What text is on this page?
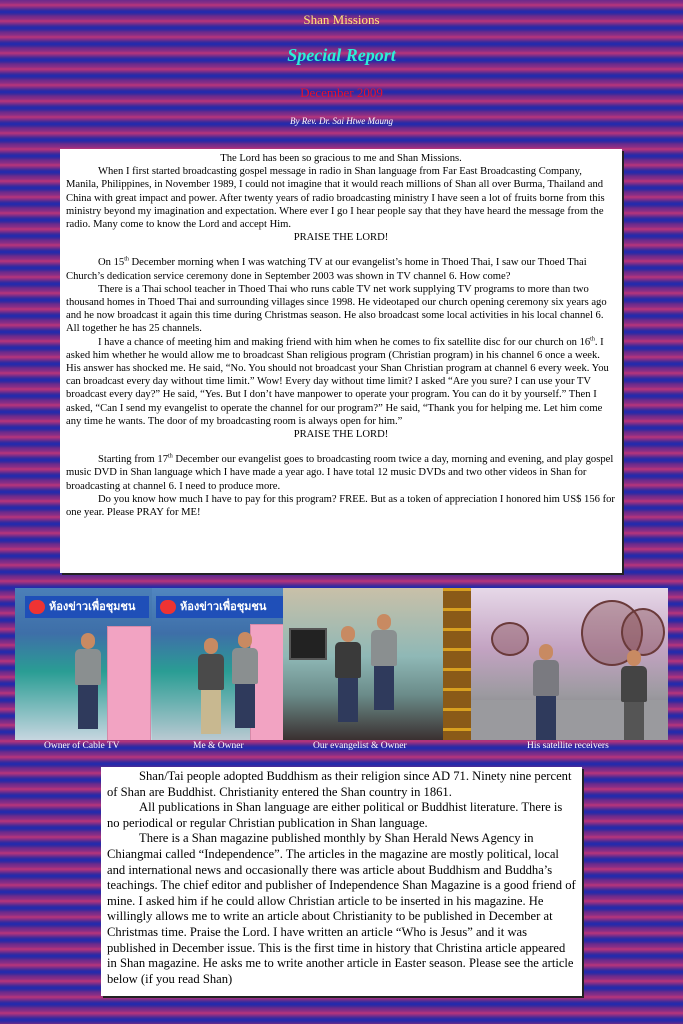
Shan Missions
Special Report
December 2009
By Rev. Dr. Sai Htwe Maung

The Lord has been so gracious to me and Shan Missions.

When I first started broadcasting gospel message in radio in Shan language from Far East Broadcasting Company, Manila, Philippines, in November 1989, I could not imagine that it would reach millions of Shan all over Burma, Thailand and China with great impact and power. After twenty years of radio broadcasting ministry I have seen a lot of fruits borne from this ministry beyond my imagination and expectation. Where ever I go I hear people say that they have heard the message from the radio. Many come to know the Lord and accept Him.

PRAISE THE LORD!

On 15th December morning when I was watching TV at our evangelist’s home in Thoed Thai, I saw our Thoed Thai Church’s dedication service ceremony done in September 2003 was shown in TV channel 6. How come?

There is a Thai school teacher in Thoed Thai who runs cable TV net work supplying TV programs to more than two thousand homes in Thoed Thai and surrounding villages since 1998. He videotaped our church opening ceremony six years ago and he now broadcast it again this time during Christmas season. He also broadcast some local activities in his local channel 6. All together he has 25 channels.

I have a chance of meeting him and making friend with him when he comes to fix satellite disc for our church on 16th. I asked him whether he would allow me to broadcast Shan religious program (Christian program) in his channel 6 once a week. His answer has shocked me. He said, “No. You should not broadcast your Shan Christian program at channel 6 every week. You can broadcast every day without time limit.” Wow! Every day without time limit? I asked “Are you sure? I can use your TV broadcast every day?” He said, “Yes. But I don’t have manpower to operate your program. You can do it by yourself.” Then I asked, “Can I send my evangelist to operate the channel for our program?” He said, “Thank you for helping me. Let him come any time he wants. The door of my broadcasting room is always open for him.”

PRAISE THE LORD!

Starting from 17th December our evangelist goes to broadcasting room twice a day, morning and evening, and play gospel music DVD in Shan language which I have made a year ago. I have total 12 music DVDs and two other videos in Shan for broadcasting at channel 6. I need to produce more.

Do you know how much I have to pay for this program? FREE. But as a token of appreciation I honored him US$ 156 for one year. Please PRAY for ME!

ห้องข่าวเพื่อชุมชน	ห้องข่าวเพื่อชุมชน
Owner of Cable TV	Me & Owner	Our evangelist & Owner	His satellite receivers

Shan/Tai people adopted Buddhism as their religion since AD 71. Ninety nine percent of Shan are Buddhist. Christianity entered the Shan country in 1861.

All publications in Shan language are either political or Buddhist literature. There is no periodical or regular Christian publication in Shan language.

There is a Shan magazine published monthly by Shan Herald News Agency in Chiangmai called “Independence”. The articles in the magazine are mostly political, local and international news and occasionally there was article about Buddhism and Buddha’s teachings. The chief editor and publisher of Independence Shan Magazine is a good friend of mine. I asked him if he could allow Christian article to be inserted in his magazine. He willingly allows me to write an article about Christianity to be published in December at Christmas time. Praise the Lord. I have written an article “Who is Jesus” and it was published in December issue. This is the first time in history that Christina article appeared in Shan magazine. He asks me to write another article in Easter season. Please see the article below (if you read Shan)
